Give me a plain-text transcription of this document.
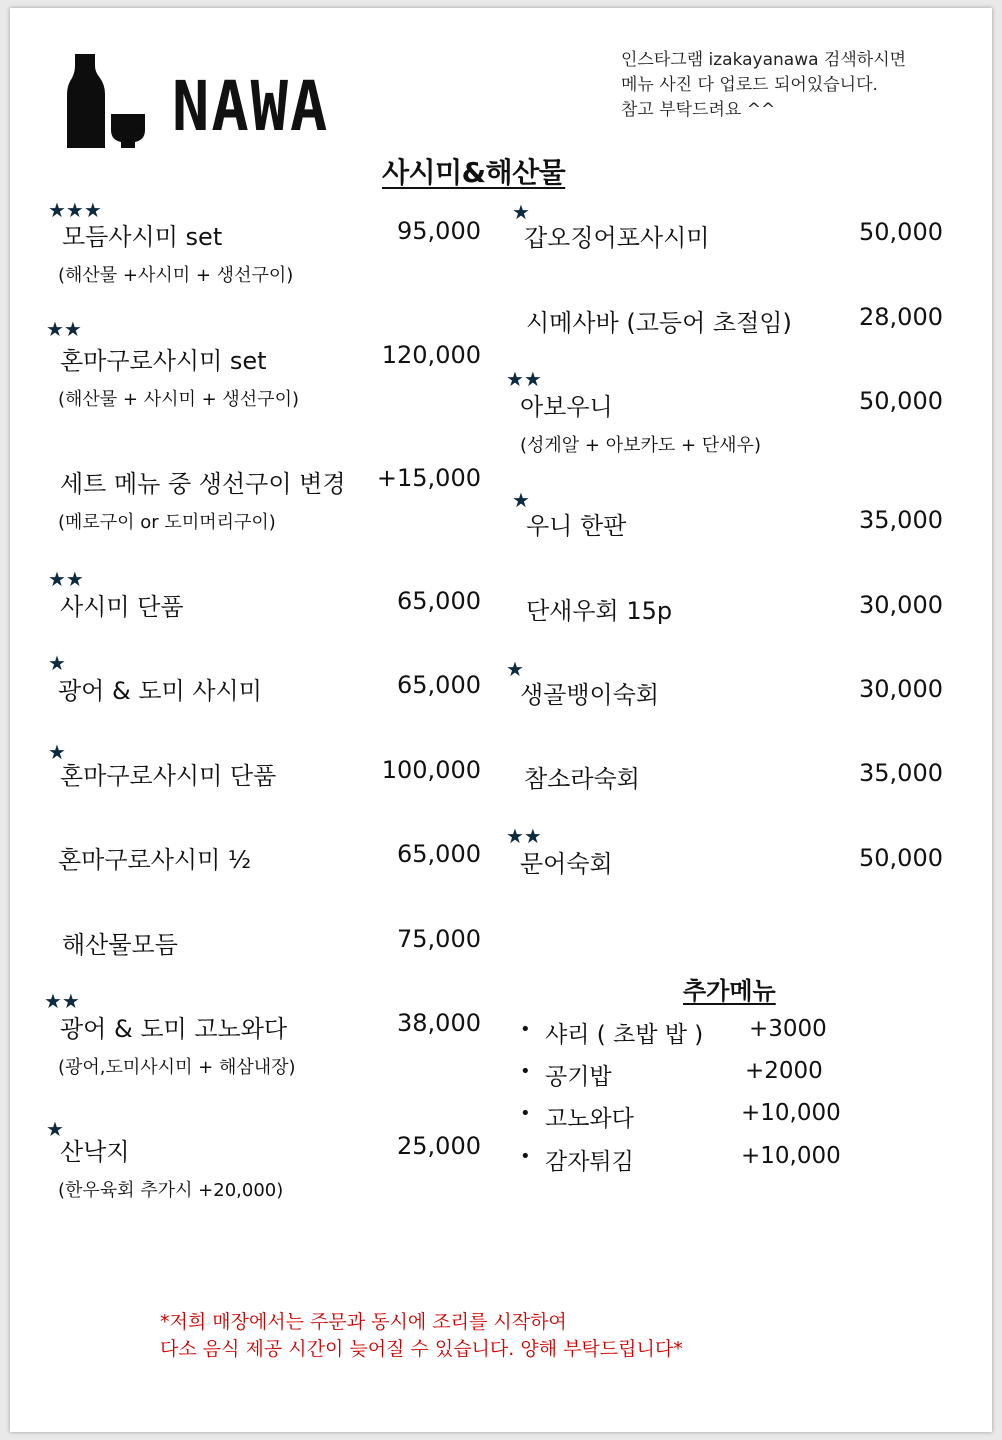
NAWA
인스타그램 izakayanawa 검색하시면
메뉴 사진 다 업로드 되어있습니다.
참고 부탁드려요 ^^
사시미&해산물
★★★
모듬사시미 set	95,000
(해산물 +사시미 + 생선구이)
★★
혼마구로사시미 set	120,000
(해산물 + 사시미 + 생선구이)
세트 메뉴 중 생선구이 변경	+15,000
(메로구이 or 도미머리구이)
★★
사시미 단품	65,000
★
광어 & 도미 사시미	65,000
★
혼마구로사시미 단품	100,000
혼마구로사시미 ½	65,000
해산물모듬	75,000
★★
광어 & 도미 고노와다	38,000
(광어,도미사시미 + 해삼내장)
★
산낙지	25,000
(한우육회 추가시 +20,000)
★
갑오징어포사시미	50,000
시메사바 (고등어 초절임)	28,000
★★
아보우니	50,000
(성게알 + 아보카도 + 단새우)
★
우니 한판	35,000
단새우회 15p	30,000
★
생골뱅이숙회	30,000
참소라숙회	35,000
★★
문어숙회	50,000
추가메뉴
• 샤리 ( 초밥 밥 ) +3000
• 공기밥	+2000
• 고노와다	+10,000
• 감자튀김	+10,000
*저희 매장에서는 주문과 동시에 조리를 시작하여
다소 음식 제공 시간이 늦어질 수 있습니다. 양해 부탁드립니다*
